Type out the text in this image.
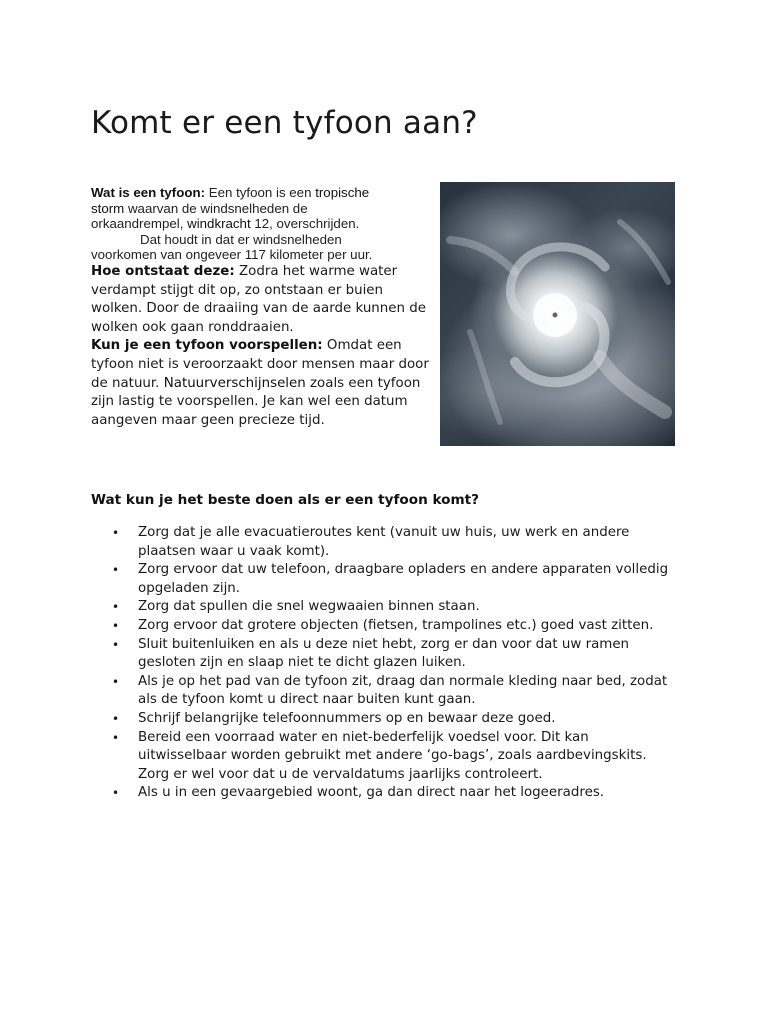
Komt er een tyfoon aan?

Wat is een tyfoon: Een tyfoon is een tropische

storm waarvan de windsnelheden de

orkaandrempel, windkracht 12, overschrijden.

Dat houdt in dat er windsnelheden

voorkomen van ongeveer 117 kilometer per uur.

Hoe ontstaat deze: Zodra het warme water verdampt stijgt dit op, zo ontstaan er buien wolken. Door de draaiing van de aarde kunnen de wolken ook gaan ronddraaien.

Kun je een tyfoon voorspellen: Omdat een tyfoon niet is veroorzaakt door mensen maar door de natuur. Natuurverschijnselen zoals een tyfoon zijn lastig te voorspellen. Je kan wel een datum aangeven maar geen precieze tijd.

Wat kun je het beste doen als er een tyfoon komt?
• Zorg dat je alle evacuatieroutes kent (vanuit uw huis, uw werk en andere plaatsen waar u vaak komt).
• Zorg ervoor dat uw telefoon, draagbare opladers en andere apparaten volledig opgeladen zijn.
• Zorg dat spullen die snel wegwaaien binnen staan.
• Zorg ervoor dat grotere objecten (fietsen, trampolines etc.) goed vast zitten.
• Sluit buitenluiken en als u deze niet hebt, zorg er dan voor dat uw ramen gesloten zijn en slaap niet te dicht glazen luiken.
• Als je op het pad van de tyfoon zit, draag dan normale kleding naar bed, zodat als de tyfoon komt u direct naar buiten kunt gaan.
• Schrijf belangrijke telefoonnummers op en bewaar deze goed.
• Bereid een voorraad water en niet-bederfelijk voedsel voor. Dit kan uitwisselbaar worden gebruikt met andere ‘go-bags’, zoals aardbevingskits. Zorg er wel voor dat u de vervaldatums jaarlijks controleert.
• Als u in een gevaargebied woont, ga dan direct naar het logeeradres.
